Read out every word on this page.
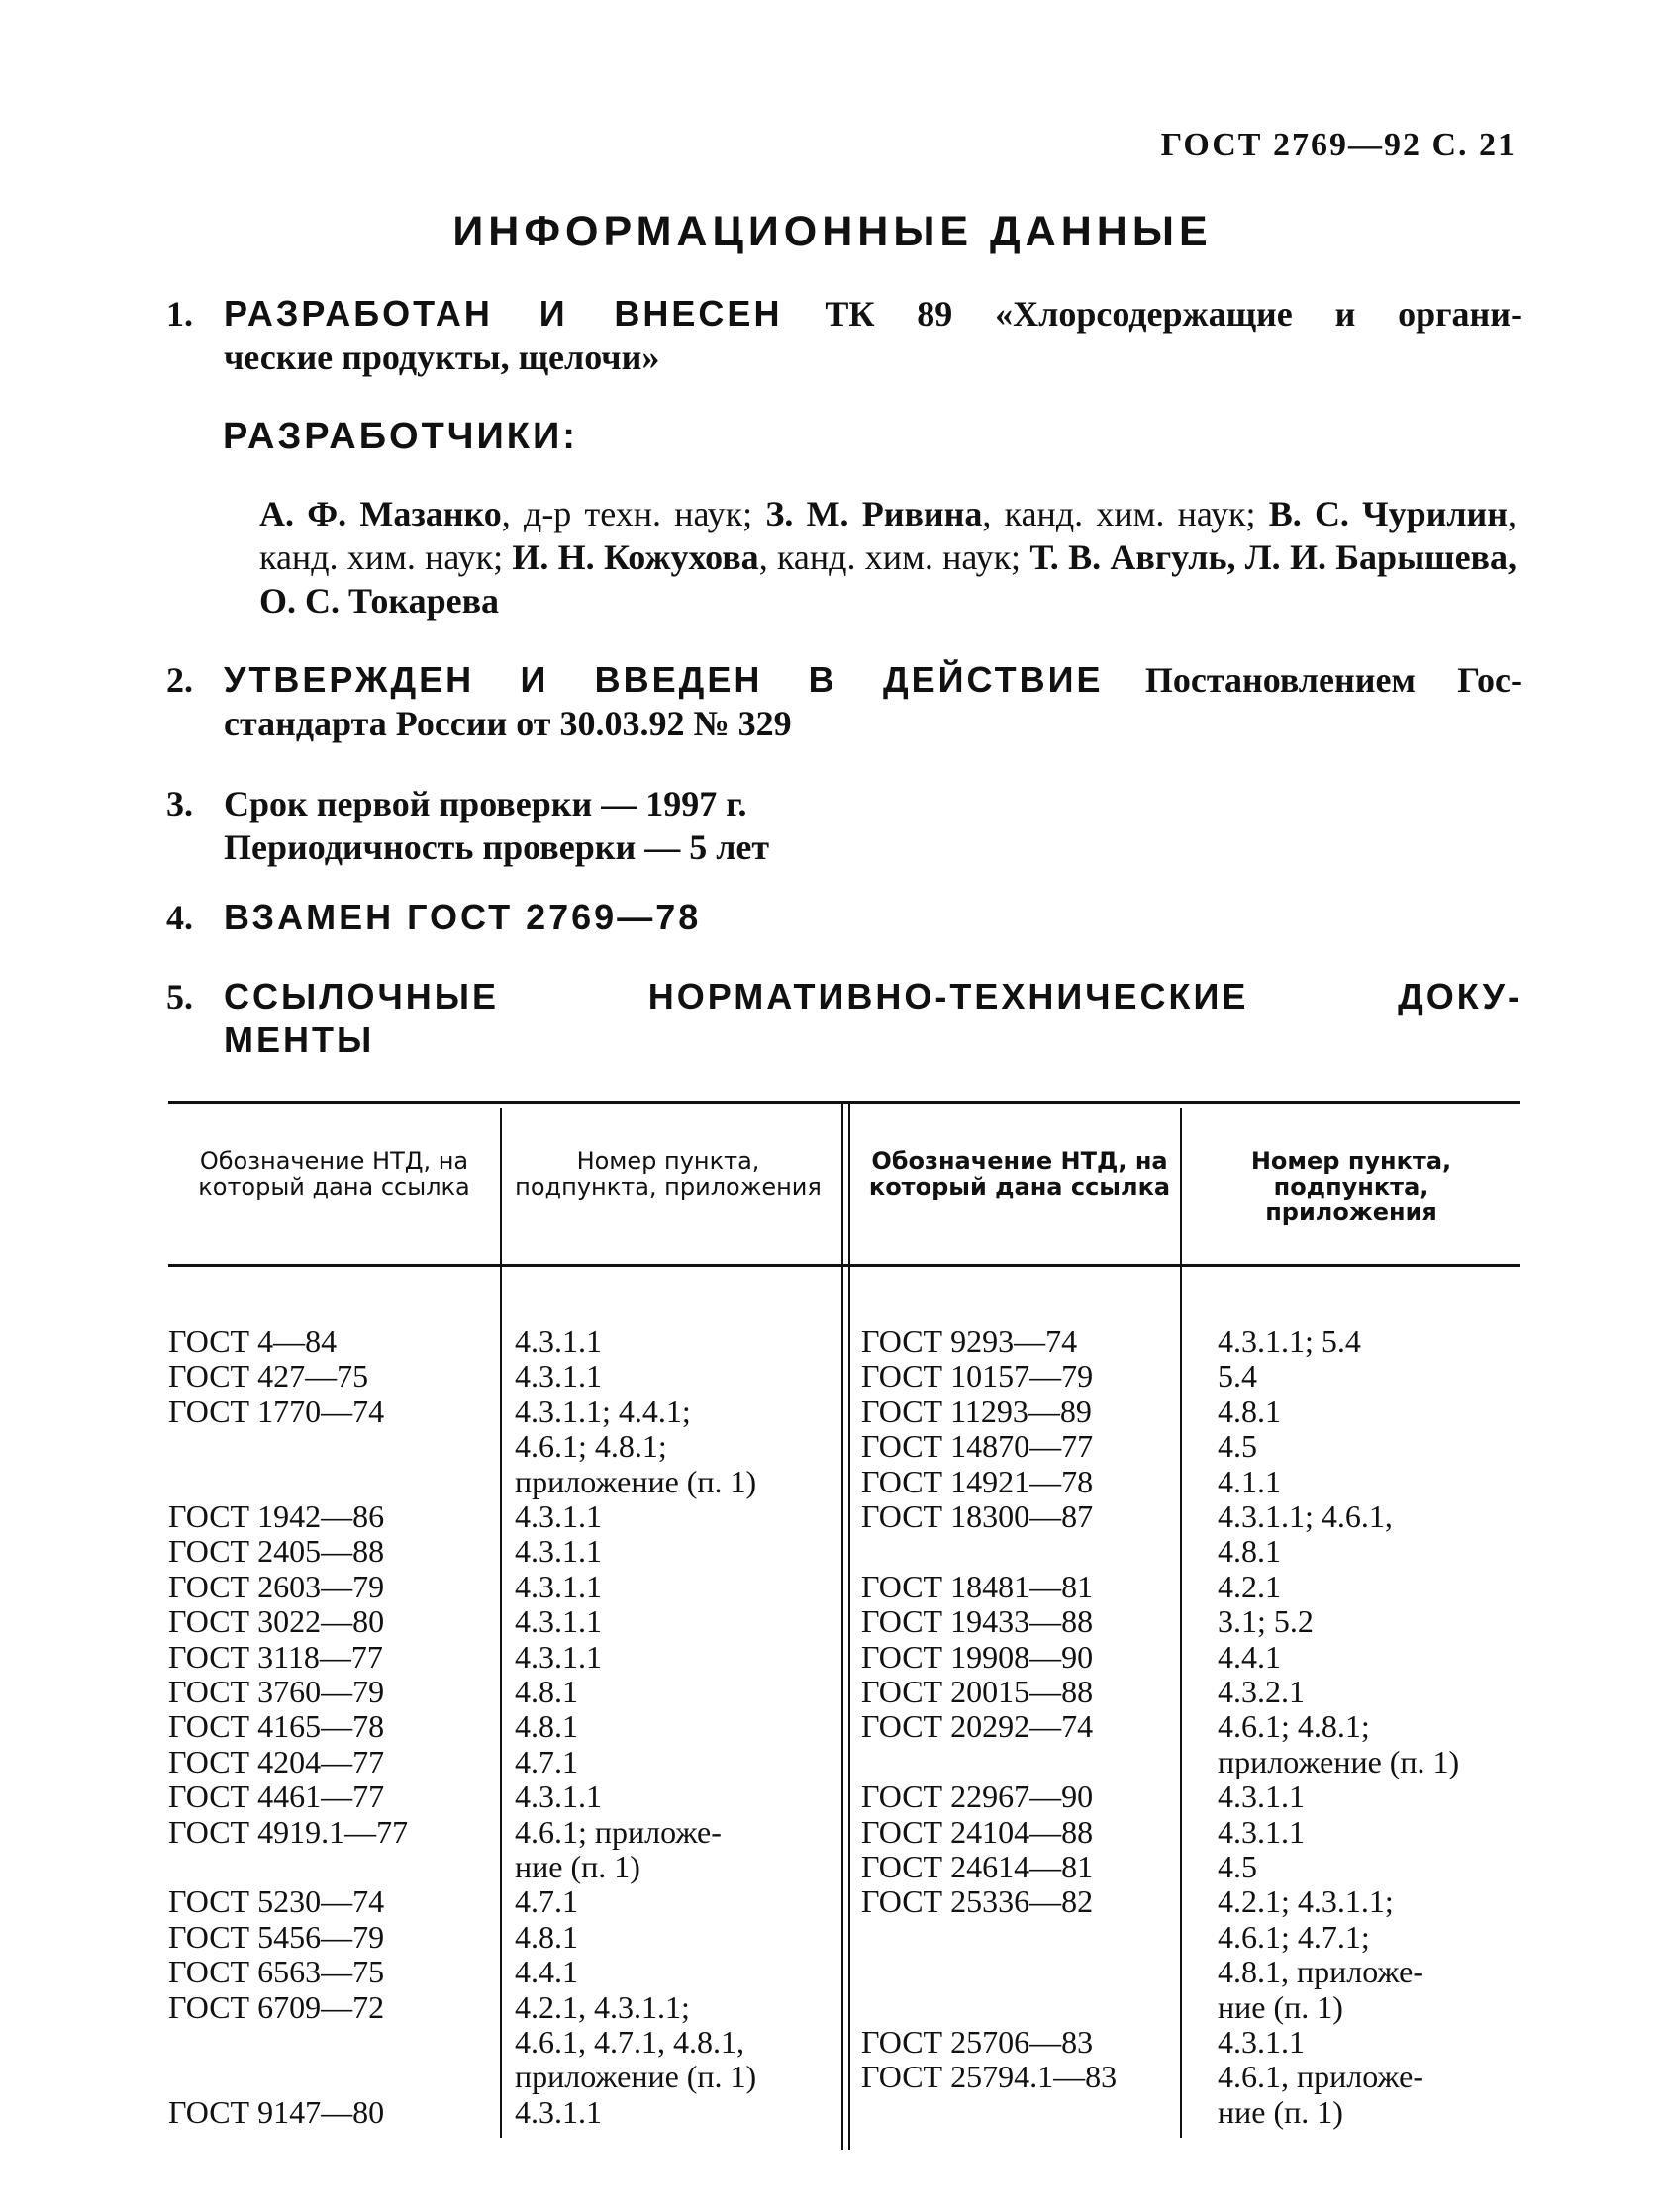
ГОСТ 2769—92 С. 21
ИНФОРМАЦИОННЫЕ ДАННЫЕ
1. РАЗРАБОТАН И ВНЕСЕН ТК 89 «Хлорсодержащие и органи-
ческие продукты, щелочи»
РАЗРАБОТЧИКИ:
А. Ф. Мазанко, д-р техн. наук; З. М. Ривина, канд. хим. наук; В. С. Чурилин, канд. хим. наук; И. Н. Кожухова, канд. хим. наук; Т. В. Авгуль, Л. И. Барышева, О. С. Токарева
2. УТВЕРЖДЕН И ВВЕДЕН В ДЕЙСТВИЕ Постановлением Гос-
стандарта России от 30.03.92 № 329
3. Срок первой проверки — 1997 г.
Периодичность проверки — 5 лет
4. ВЗАМЕН ГОСТ 2769—78
5. ССЫЛОЧНЫЕ НОРМАТИВНО-ТЕХНИЧЕСКИЕ ДОКУ-
МЕНТЫ
Обозначение НТД, на который дана ссылка
Номер пункта, подпункта, приложения
Обозначение НТД, на который дана ссылка
Номер пункта, подпункта, приложения
ГОСТ 4—84	4.3.1.1
ГОСТ 427—75	4.3.1.1
ГОСТ 1770—74	4.3.1.1; 4.4.1;
4.6.1; 4.8.1;
приложение (п. 1)
ГОСТ 1942—86	4.3.1.1
ГОСТ 2405—88	4.3.1.1
ГОСТ 2603—79	4.3.1.1
ГОСТ 3022—80	4.3.1.1
ГОСТ 3118—77	4.3.1.1
ГОСТ 3760—79	4.8.1
ГОСТ 4165—78	4.8.1
ГОСТ 4204—77	4.7.1
ГОСТ 4461—77	4.3.1.1
ГОСТ 4919.1—77	4.6.1; приложе-
ние (п. 1)
ГОСТ 5230—74	4.7.1
ГОСТ 5456—79	4.8.1
ГОСТ 6563—75	4.4.1
ГОСТ 6709—72	4.2.1, 4.3.1.1;
4.6.1, 4.7.1, 4.8.1,
приложение (п. 1)
ГОСТ 9147—80	4.3.1.1
ГОСТ 9293—74	4.3.1.1; 5.4
ГОСТ 10157—79	5.4
ГОСТ 11293—89	4.8.1
ГОСТ 14870—77	4.5
ГОСТ 14921—78	4.1.1
ГОСТ 18300—87	4.3.1.1; 4.6.1,
4.8.1
ГОСТ 18481—81	4.2.1
ГОСТ 19433—88	3.1; 5.2
ГОСТ 19908—90	4.4.1
ГОСТ 20015—88	4.3.2.1
ГОСТ 20292—74	4.6.1; 4.8.1;
приложение (п. 1)
ГОСТ 22967—90	4.3.1.1
ГОСТ 24104—88	4.3.1.1
ГОСТ 24614—81	4.5
ГОСТ 25336—82	4.2.1; 4.3.1.1;
4.6.1; 4.7.1;
4.8.1, приложе-
ние (п. 1)
ГОСТ 25706—83	4.3.1.1
ГОСТ 25794.1—83	4.6.1, приложе-
ние (п. 1)
